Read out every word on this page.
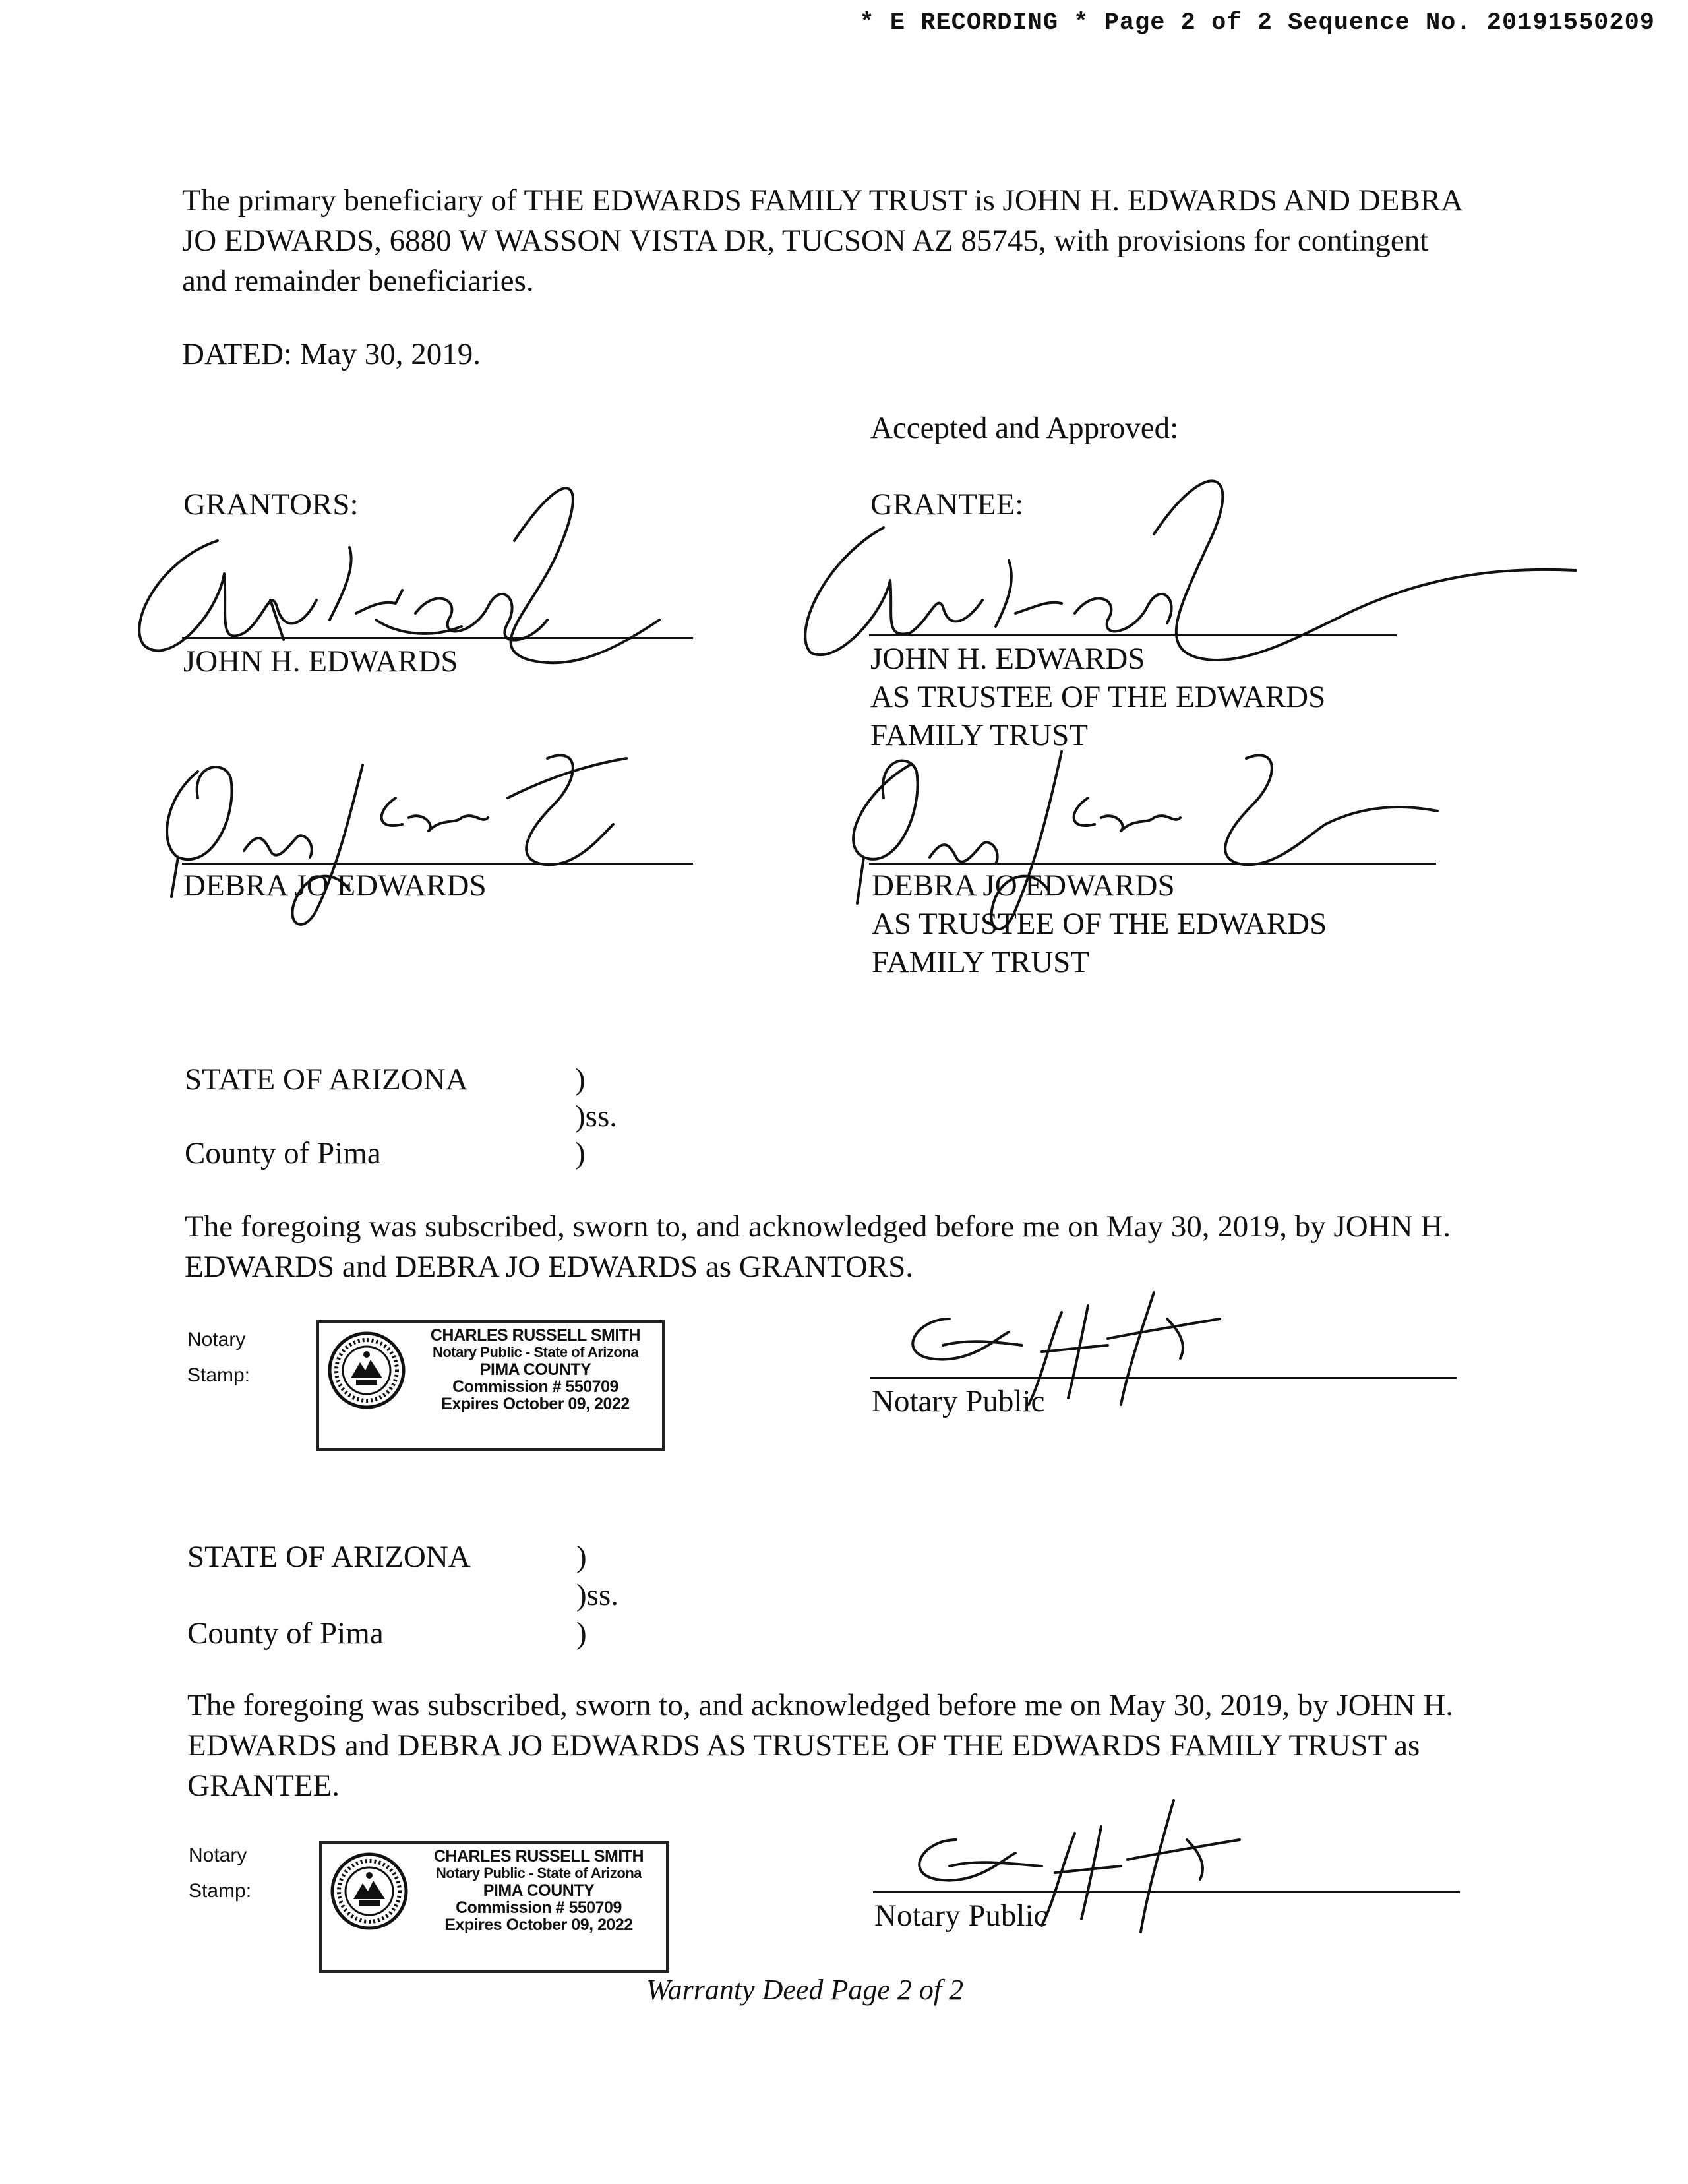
* E RECORDING * Page 2 of 2 Sequence No. 20191550209
The primary beneficiary of THE EDWARDS FAMILY TRUST is JOHN H. EDWARDS AND DEBRA JO EDWARDS, 6880 W WASSON VISTA DR, TUCSON AZ 85745, with provisions for contingent and remainder beneficiaries.
DATED: May 30, 2019.
Accepted and Approved:
GRANTORS:
JOHN H. EDWARDS
DEBRA JO EDWARDS
GRANTEE:
JOHN H. EDWARDS
AS TRUSTEE OF THE EDWARDS
FAMILY TRUST
DEBRA JO EDWARDS
AS TRUSTEE OF THE EDWARDS
FAMILY TRUST
STATE OF ARIZONA	)
)ss.
County of Pima	)
The foregoing was subscribed, sworn to, and acknowledged before me on May 30, 2019, by JOHN H. EDWARDS and DEBRA JO EDWARDS as GRANTORS.
Notary
Stamp:
CHARLES RUSSELL SMITH
Notary Public - State of Arizona
PIMA COUNTY
Commission # 550709
Expires October 09, 2022	Notary Public
STATE OF ARIZONA	)
)ss.
County of Pima	)
The foregoing was subscribed, sworn to, and acknowledged before me on May 30, 2019, by JOHN H. EDWARDS and DEBRA JO EDWARDS AS TRUSTEE OF THE EDWARDS FAMILY TRUST as GRANTEE.
Notary
Stamp:
CHARLES RUSSELL SMITH
Notary Public - State of Arizona
PIMA COUNTY
Commission # 550709
Expires October 09, 2022	Notary Public
Warranty Deed Page 2 of 2
